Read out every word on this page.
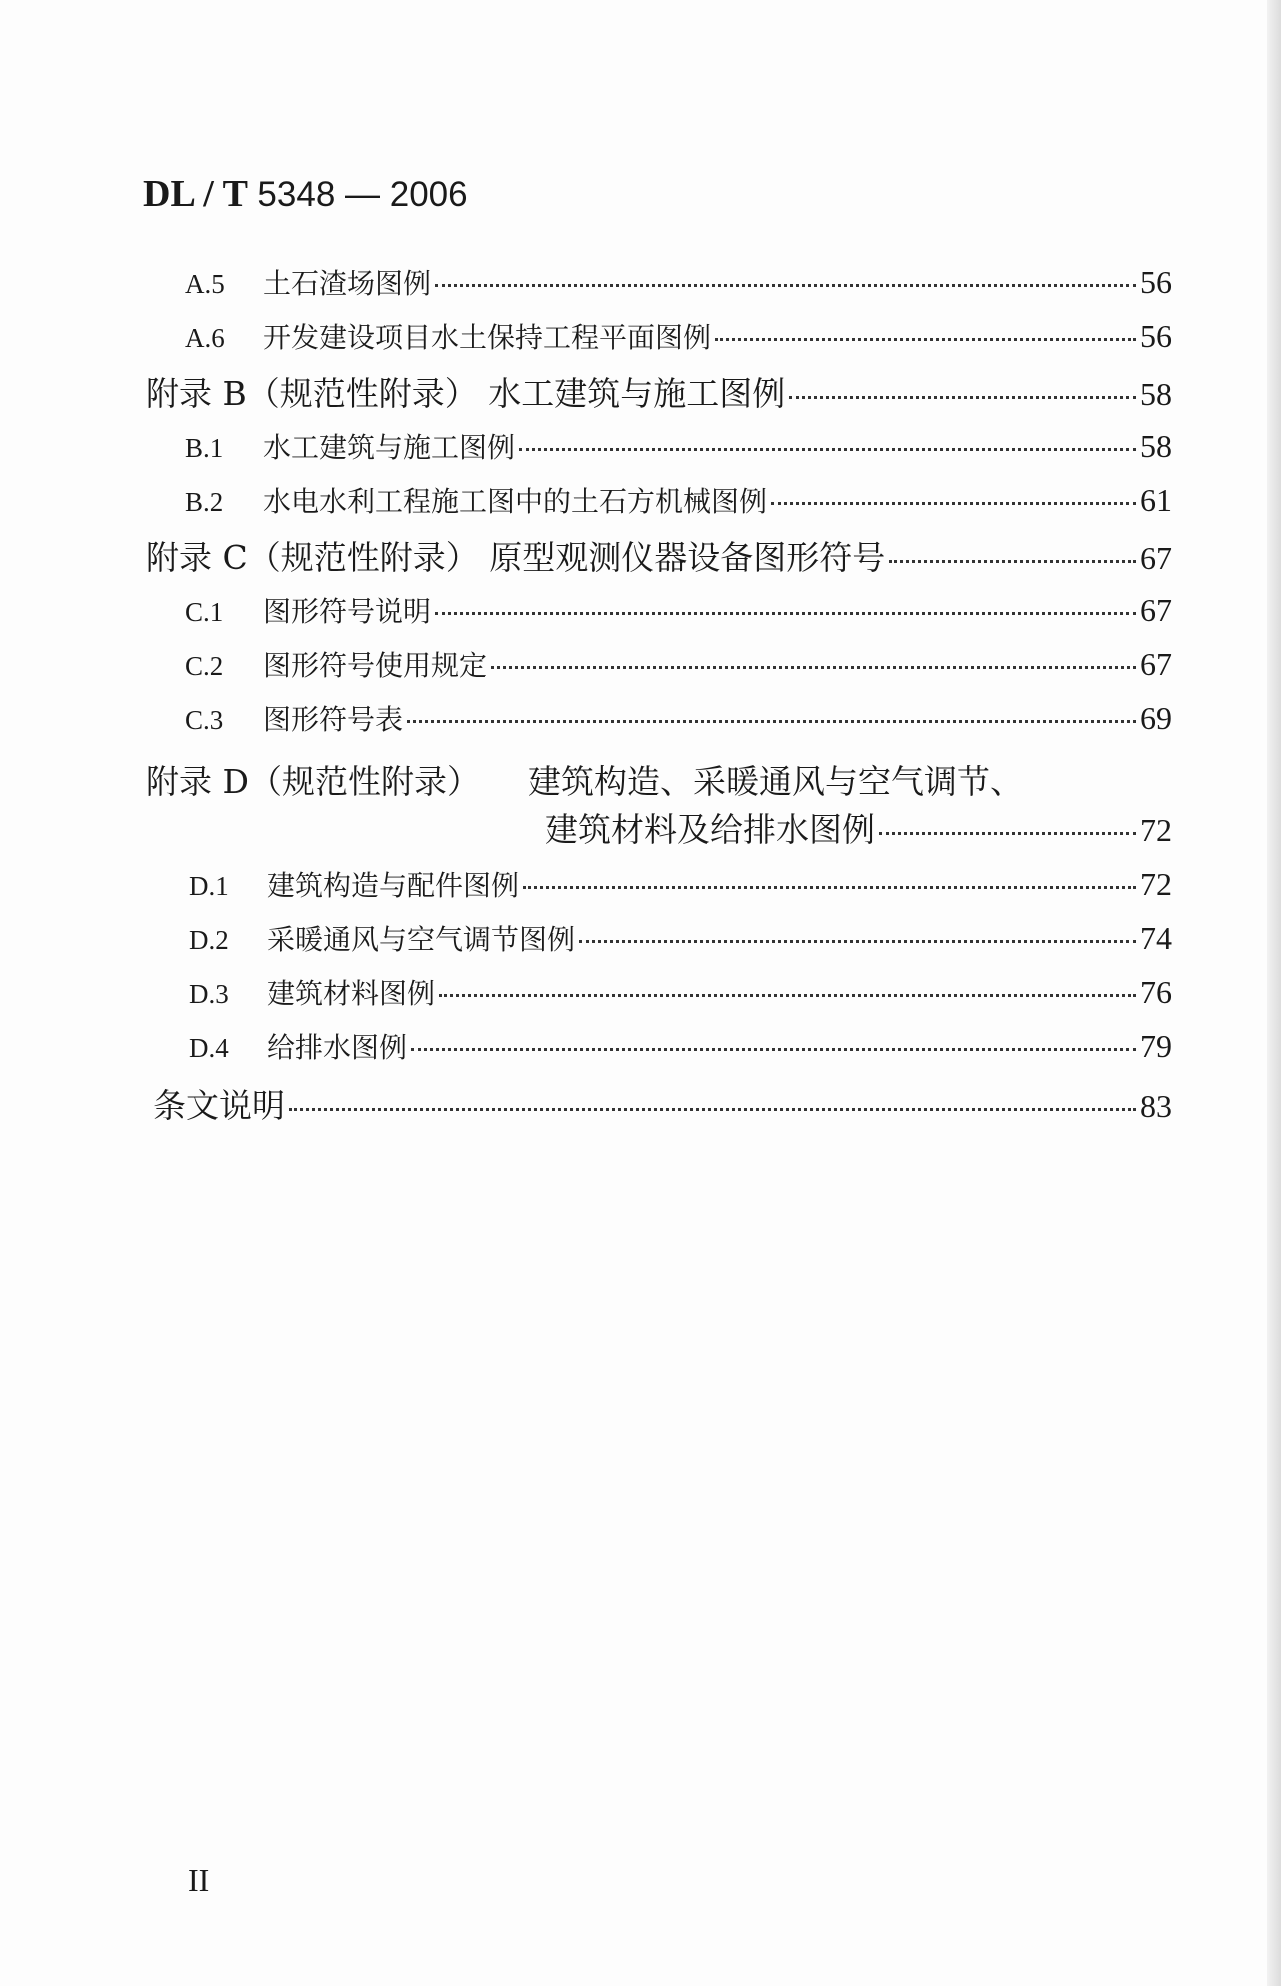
DL / T 5348 — 2006
A.5	土石渣场图例	56
A.6	开发建设项目水土保持工程平面图例	56
附录 B（规范性附录） 水工建筑与施工图例	58
B.1	水工建筑与施工图例	58
B.2	水电水利工程施工图中的土石方机械图例	61
附录 C（规范性附录） 原型观测仪器设备图形符号	67
C.1	图形符号说明	67
C.2	图形符号使用规定	67
C.3	图形符号表	69
附录 D（规范性附录） 建筑构造、采暖通风与空气调节、
建筑材料及给排水图例	72
D.1	建筑构造与配件图例	72
D.2	采暖通风与空气调节图例	74
D.3	建筑材料图例	76
D.4	给排水图例	79
条文说明	83
II
